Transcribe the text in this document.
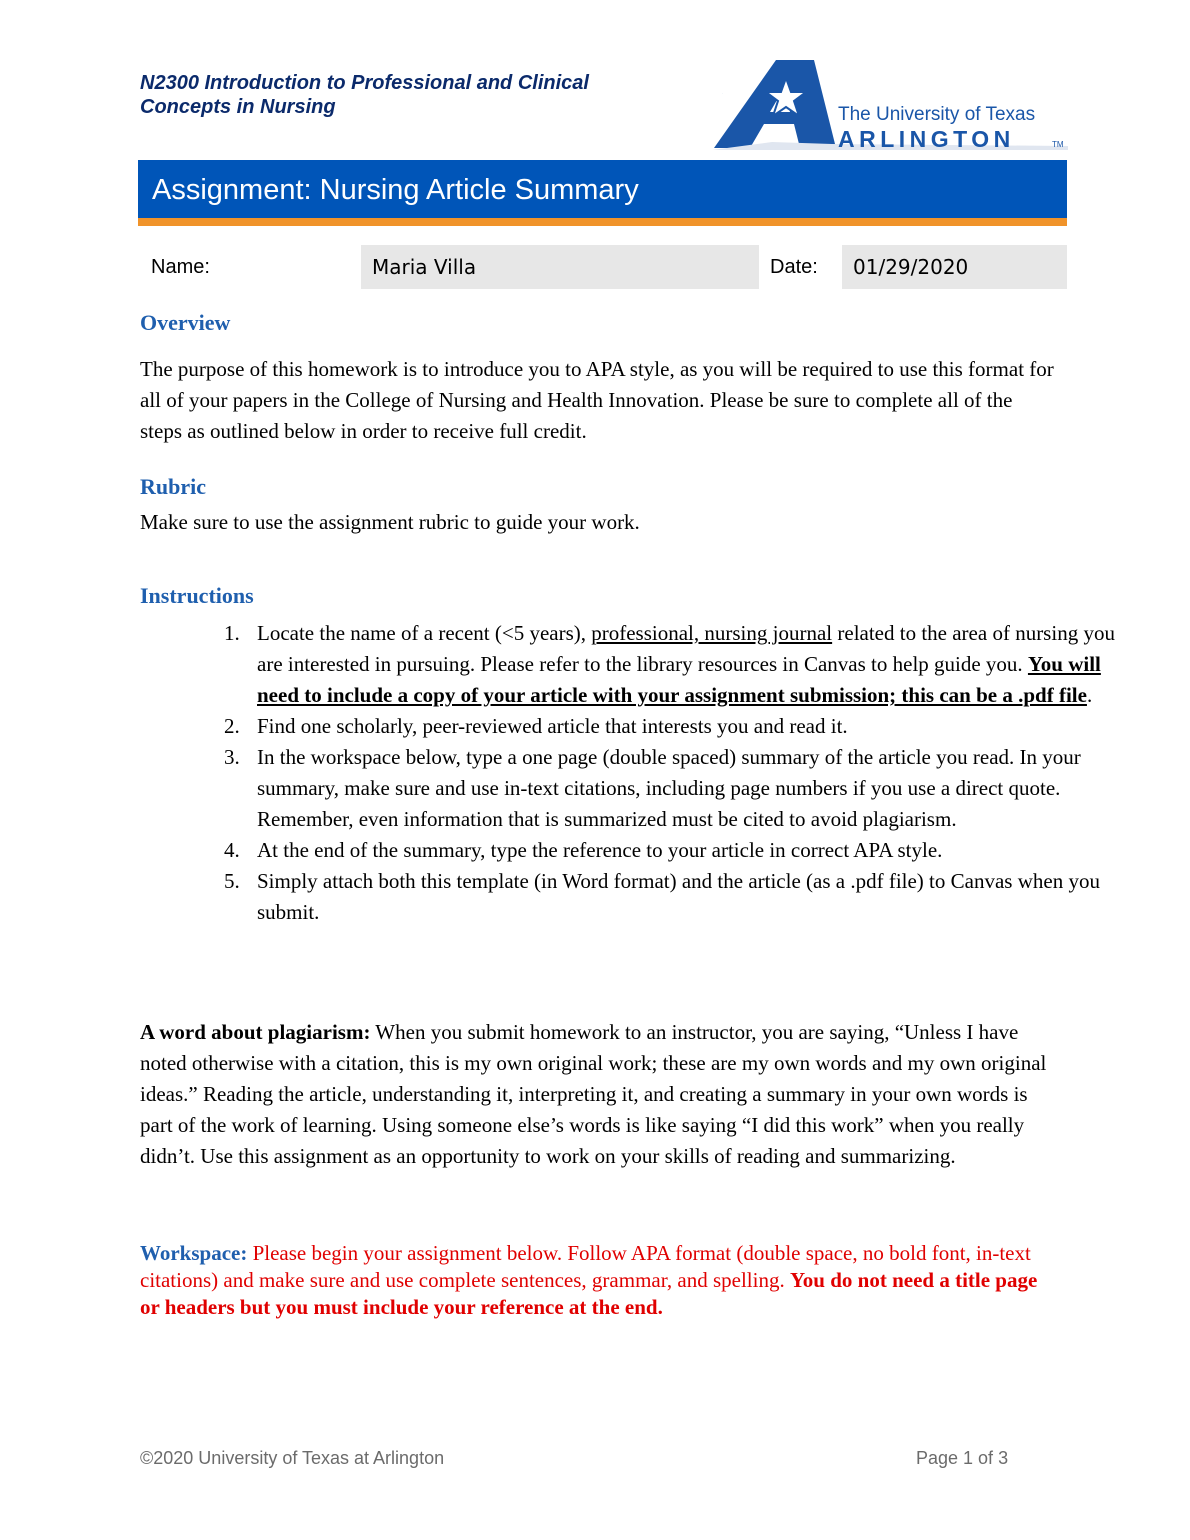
N2300 Introduction to Professional and Clinical
Concepts in Nursing
A
The University of Texas
ARLINGTON	TM
Assignment: Nursing Article Summary
Name:	Maria Villa	Date:	01/29/2020
Overview
The purpose of this homework is to introduce you to APA style, as you will be required to use this format for all of your papers in the College of Nursing and Health Innovation. Please be sure to complete all of the steps as outlined below in order to receive full credit.
Rubric
Make sure to use the assignment rubric to guide your work.
Instructions
1. Locate the name of a recent (<5 years), professional, nursing journal related to the area of nursing you are interested in pursuing. Please refer to the library resources in Canvas to help guide you. You will need to include a copy of your article with your assignment submission; this can be a .pdf file.
2. Find one scholarly, peer-reviewed article that interests you and read it.
3. In the workspace below, type a one page (double spaced) summary of the article you read. In your summary, make sure and use in-text citations, including page numbers if you use a direct quote. Remember, even information that is summarized must be cited to avoid plagiarism.
4. At the end of the summary, type the reference to your article in correct APA style.
5. Simply attach both this template (in Word format) and the article (as a .pdf file) to Canvas when you submit.
A word about plagiarism: When you submit homework to an instructor, you are saying, “Unless I have noted otherwise with a citation, this is my own original work; these are my own words and my own original ideas.” Reading the article, understanding it, interpreting it, and creating a summary in your own words is part of the work of learning. Using someone else’s words is like saying “I did this work” when you really didn’t. Use this assignment as an opportunity to work on your skills of reading and summarizing.
Workspace: Please begin your assignment below. Follow APA format (double space, no bold font, in-text citations) and make sure and use complete sentences, grammar, and spelling. You do not need a title page or headers but you must include your reference at the end.
©2020 University of Texas at Arlington	Page 1 of 3
